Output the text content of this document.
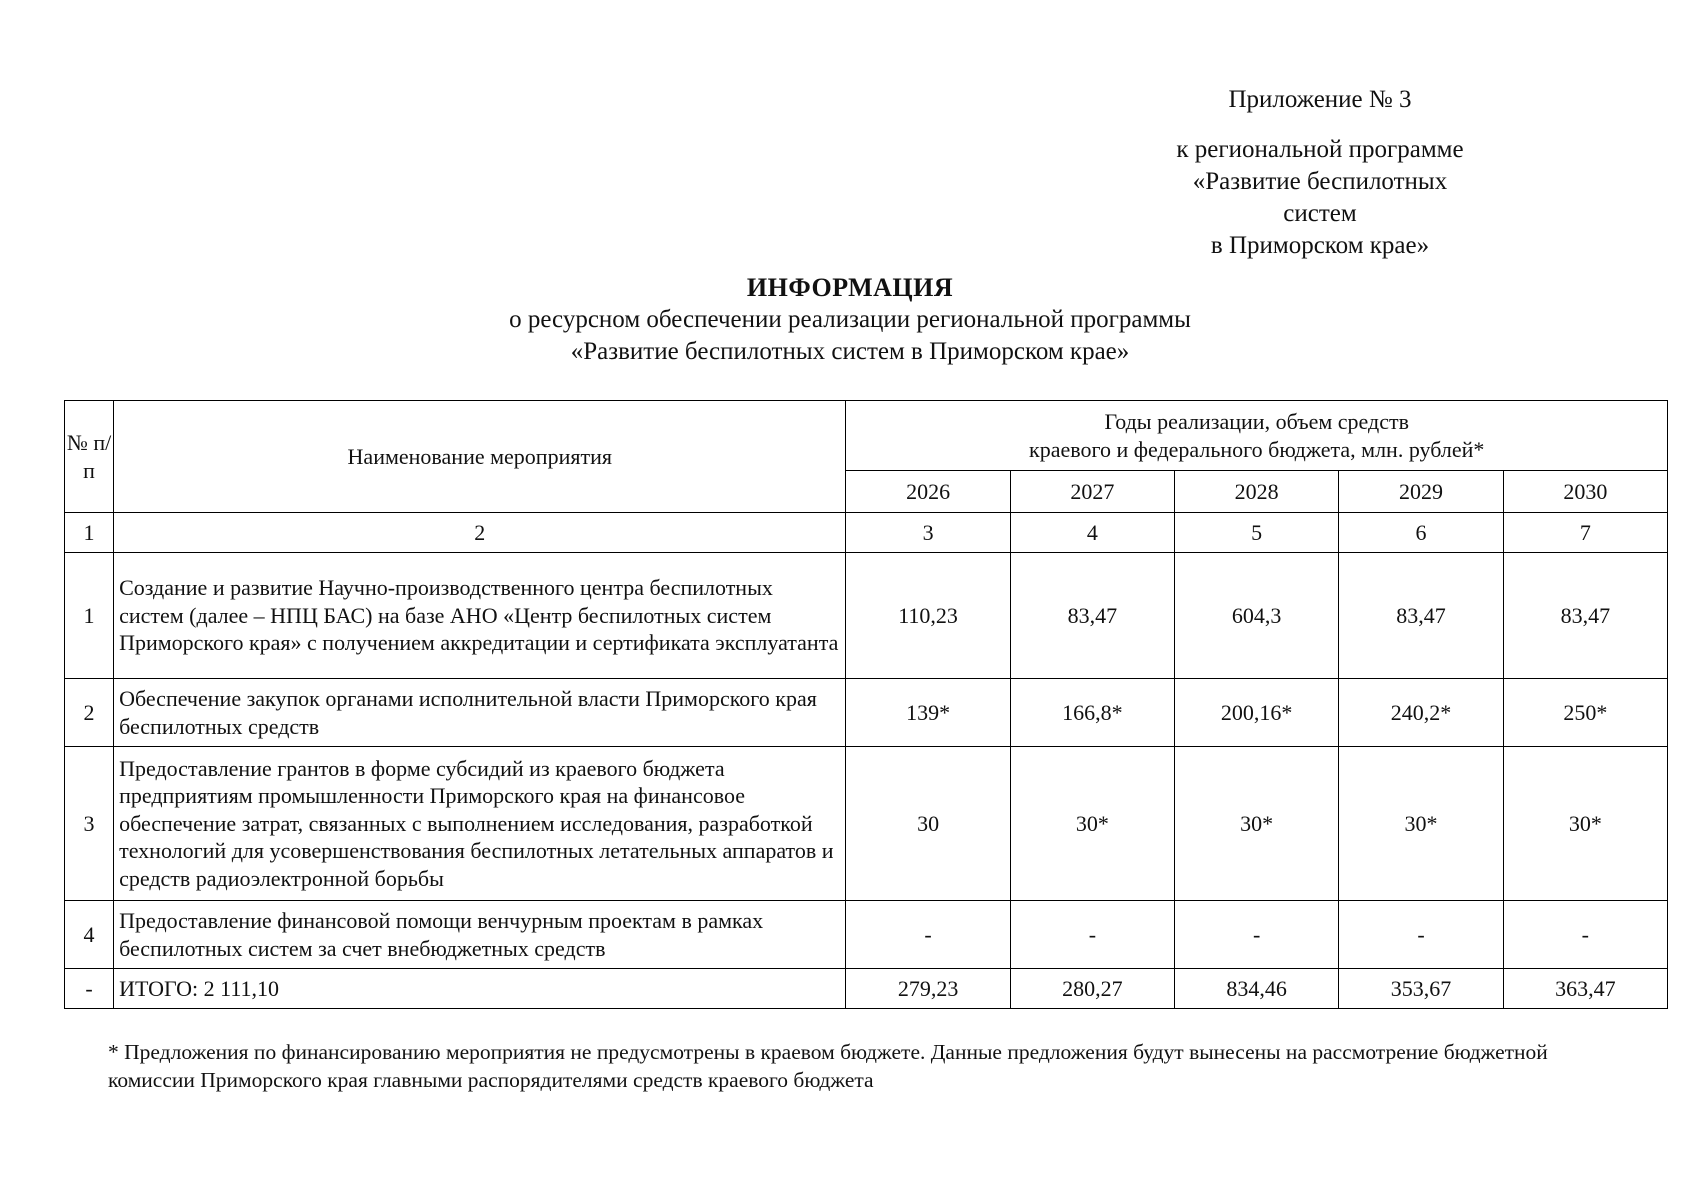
Приложение № 3
к региональной программе
«Развитие беспилотных систем
в Приморском крае»
ИНФОРМАЦИЯ
о ресурсном обеспечении реализации региональной программы
«Развитие беспилотных систем в Приморском крае»
№ п/п	Наименование мероприятия	Годы реализации, объем средств
краевого и федерального бюджета, млн. рублей*				

		2026	2027	2028	2029	2030
1	2	3	4	5	6	7
1	Создание и развитие Научно-производственного центра беспилотных систем (далее – НПЦ БАС) на базе АНО «Центр беспилотных систем Приморского края» с получением аккредитации и сертификата эксплуатанта	110,23	83,47	604,3	83,47	83,47
2	Обеспечение закупок органами исполнительной власти Приморского края беспилотных средств	139*	166,8*	200,16*	240,2*	250*
3	Предоставление грантов в форме субсидий из краевого бюджета предприятиям промышленности Приморского края на финансовое обеспечение затрат, связанных с выполнением исследования, разработкой технологий для усовершенствования беспилотных летательных аппаратов и средств радиоэлектронной борьбы	30	30*	30*	30*	30*
4	Предоставление финансовой помощи венчурным проектам в рамках беспилотных систем за счет внебюджетных средств	-	-	-	-	-
-	ИТОГО: 2 111,10	279,23	280,27	834,46	353,67	363,47
* Предложения по финансированию мероприятия не предусмотрены в краевом бюджете. Данные предложения будут вынесены на рассмотрение бюджетной комиссии Приморского края главными распорядителями средств краевого бюджета
